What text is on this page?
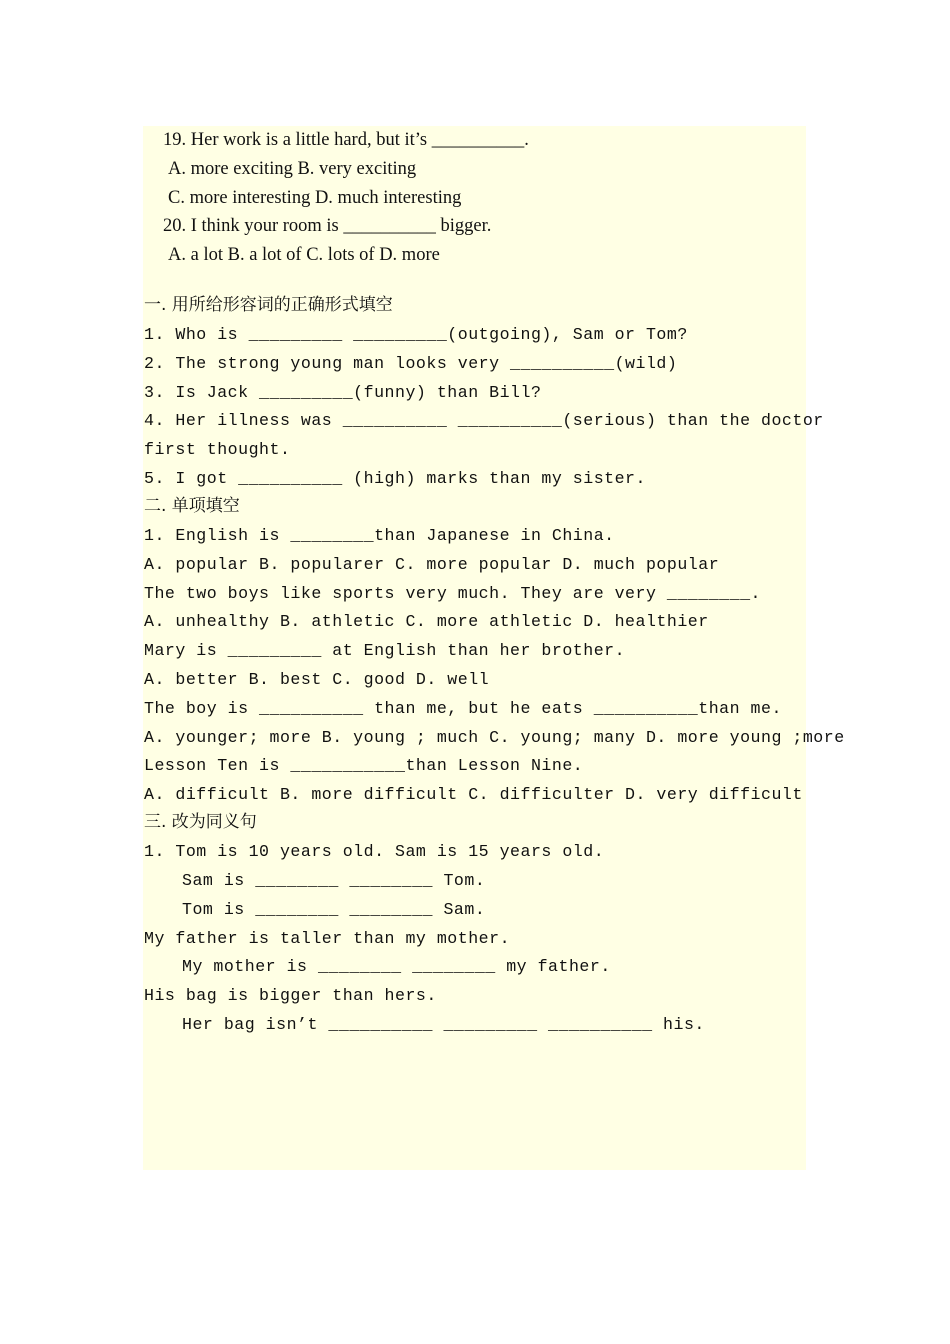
19. Her work is a little hard, but it’s __________.
A. more exciting B. very exciting
C. more interesting D. much interesting
20. I think your room is __________ bigger.
A. a lot B. a lot of C. lots of D. more
一. 用所给形容词的正确形式填空
1. Who is _________ _________(outgoing), Sam or Tom?
2. The strong young man looks very __________(wild)
3. Is Jack _________(funny) than Bill?
4. Her illness was __________ __________(serious) than the doctor
first thought.
5. I got __________ (high) marks than my sister.
二. 单项填空
1. English is ________than Japanese in China.
A. popular B. popularer C. more popular D. much popular
The two boys like sports very much. They are very ________.
A. unhealthy B. athletic C. more athletic D. healthier
Mary is _________ at English than her brother.
A. better B. best C. good D. well
The boy is __________ than me, but he eats __________than me.
A. younger; more B. young ; much C. young; many D. more young ;more
Lesson Ten is ___________than Lesson Nine.
A. difficult B. more difficult C. difficulter D. very difficult
三. 改为同义句
1. Tom is 10 years old. Sam is 15 years old.
Sam is ________ ________ Tom.
Tom is ________ ________ Sam.
My father is taller than my mother.
My mother is ________ ________ my father.
His bag is bigger than hers.
Her bag isn’t __________ _________ __________ his.
